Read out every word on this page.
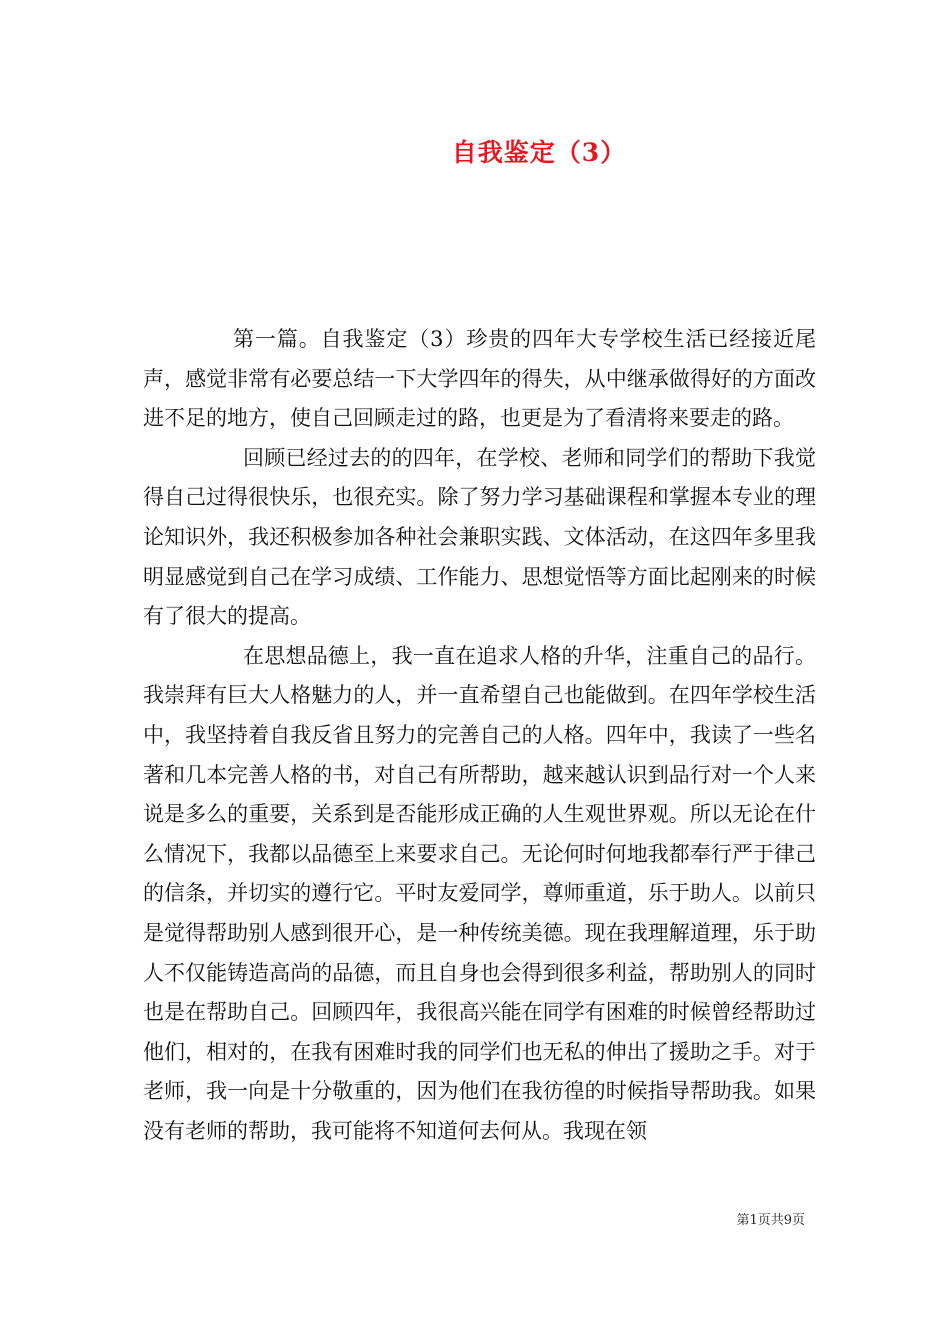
自我鉴定（3）

第一篇。自我鉴定（3）珍贵的四年大专学校生活已经接近尾声，感觉非常有必要总结一下大学四年的得失，从中继承做得好的方面改进不足的地方，使自己回顾走过的路，也更是为了看清将来要走的路。

回顾已经过去的的四年，在学校、老师和同学们的帮助下我觉得自己过得很快乐，也很充实。除了努力学习基础课程和掌握本专业的理论知识外，我还积极参加各种社会兼职实践、文体活动，在这四年多里我明显感觉到自己在学习成绩、工作能力、思想觉悟等方面比起刚来的时候有了很大的提高。

在思想品德上，我一直在追求人格的升华，注重自己的品行。我崇拜有巨大人格魅力的人，并一直希望自己也能做到。在四年学校生活中，我坚持着自我反省且努力的完善自己的人格。四年中，我读了一些名著和几本完善人格的书，对自己有所帮助，越来越认识到品行对一个人来说是多么的重要，关系到是否能形成正确的人生观世界观。所以无论在什么情况下，我都以品德至上来要求自己。无论何时何地我都奉行严于律己的信条，并切实的遵行它。平时友爱同学，尊师重道，乐于助人。以前只是觉得帮助别人感到很开心，是一种传统美德。现在我理解道理，乐于助人不仅能铸造高尚的品德，而且自身也会得到很多利益，帮助别人的同时也是在帮助自己。回顾四年，我很高兴能在同学有困难的时候曾经帮助过他们，相对的，在我有困难时我的同学们也无私的伸出了援助之手。对于老师，我一向是十分敬重的，因为他们在我彷徨的时候指导帮助我。如果没有老师的帮助，我可能将不知道何去何从。我现在领

第1页共9页
